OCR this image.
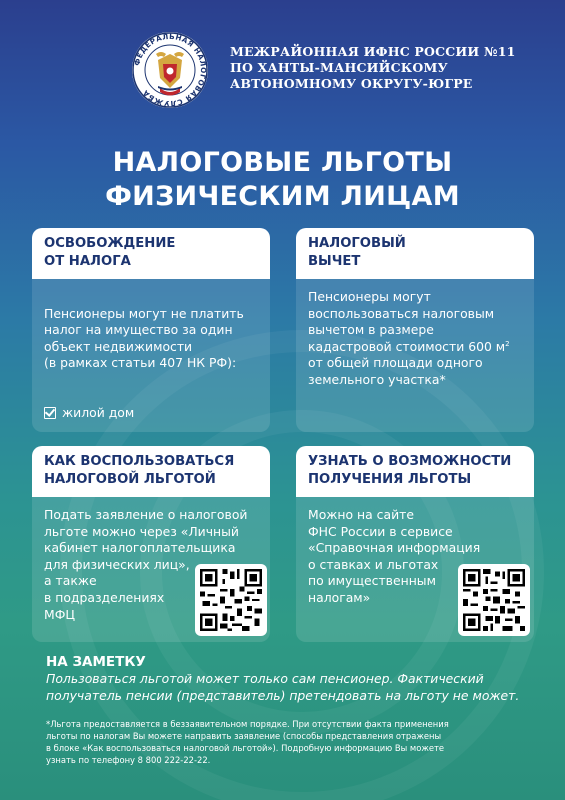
ФЕДЕРАЛЬНАЯ НАЛОГОВАЯ СЛУЖБА
МЕЖРАЙОННАЯ ИФНС РОССИИ №11
ПО ХАНТЫ-МАНСИЙСКОМУ
АВТОНОМНОМУ ОКРУГУ-ЮГРЕ
НАЛОГОВЫЕ ЛЬГОТЫ
ФИЗИЧЕСКИМ ЛИЦАМ
ОСВОБОЖДЕНИЕ
ОТ НАЛОГА

Пенсионеры могут не платить
налог на имущество за один
объект недвижимости
(в рамках статьи 407 НК РФ):

жилой дом

НАЛОГОВЫЙ
ВЫЧЕТ
Пенсионеры могут
воспользоваться налоговым
вычетом в размере
кадастровой стоимости 600 $м^2$
от общей площади одного
земельного участка*
КАК ВОСПОЛЬЗОВАТЬСЯ
НАЛОГОВОЙ ЛЬГОТОЙ
Подать заявление о налоговой
льготе можно через «Личный
кабинет налогоплательщика
для физических лиц»,
а также
в подразделениях
МФЦ
УЗНАТЬ О ВОЗМОЖНОСТИ
ПОЛУЧЕНИЯ ЛЬГОТЫ
Можно на сайте
ФНС России в сервисе
«Справочная информация
о ставках и льготах
по имущественным
налогам»
НА ЗАМЕТКУ
Пользоваться льготой может только сам пенсионер. Фактический
получатель пенсии (представитель) претендовать на льготу не может.
*Льгота предоставляется в беззаявительном порядке. При отсутствии факта применения
льготы по налогам Вы можете направить заявление (способы представления отражены
в блоке «Как воспользоваться налоговой льготой»). Подробную информацию Вы можете
узнать по телефону 8 800 222-22-22.
